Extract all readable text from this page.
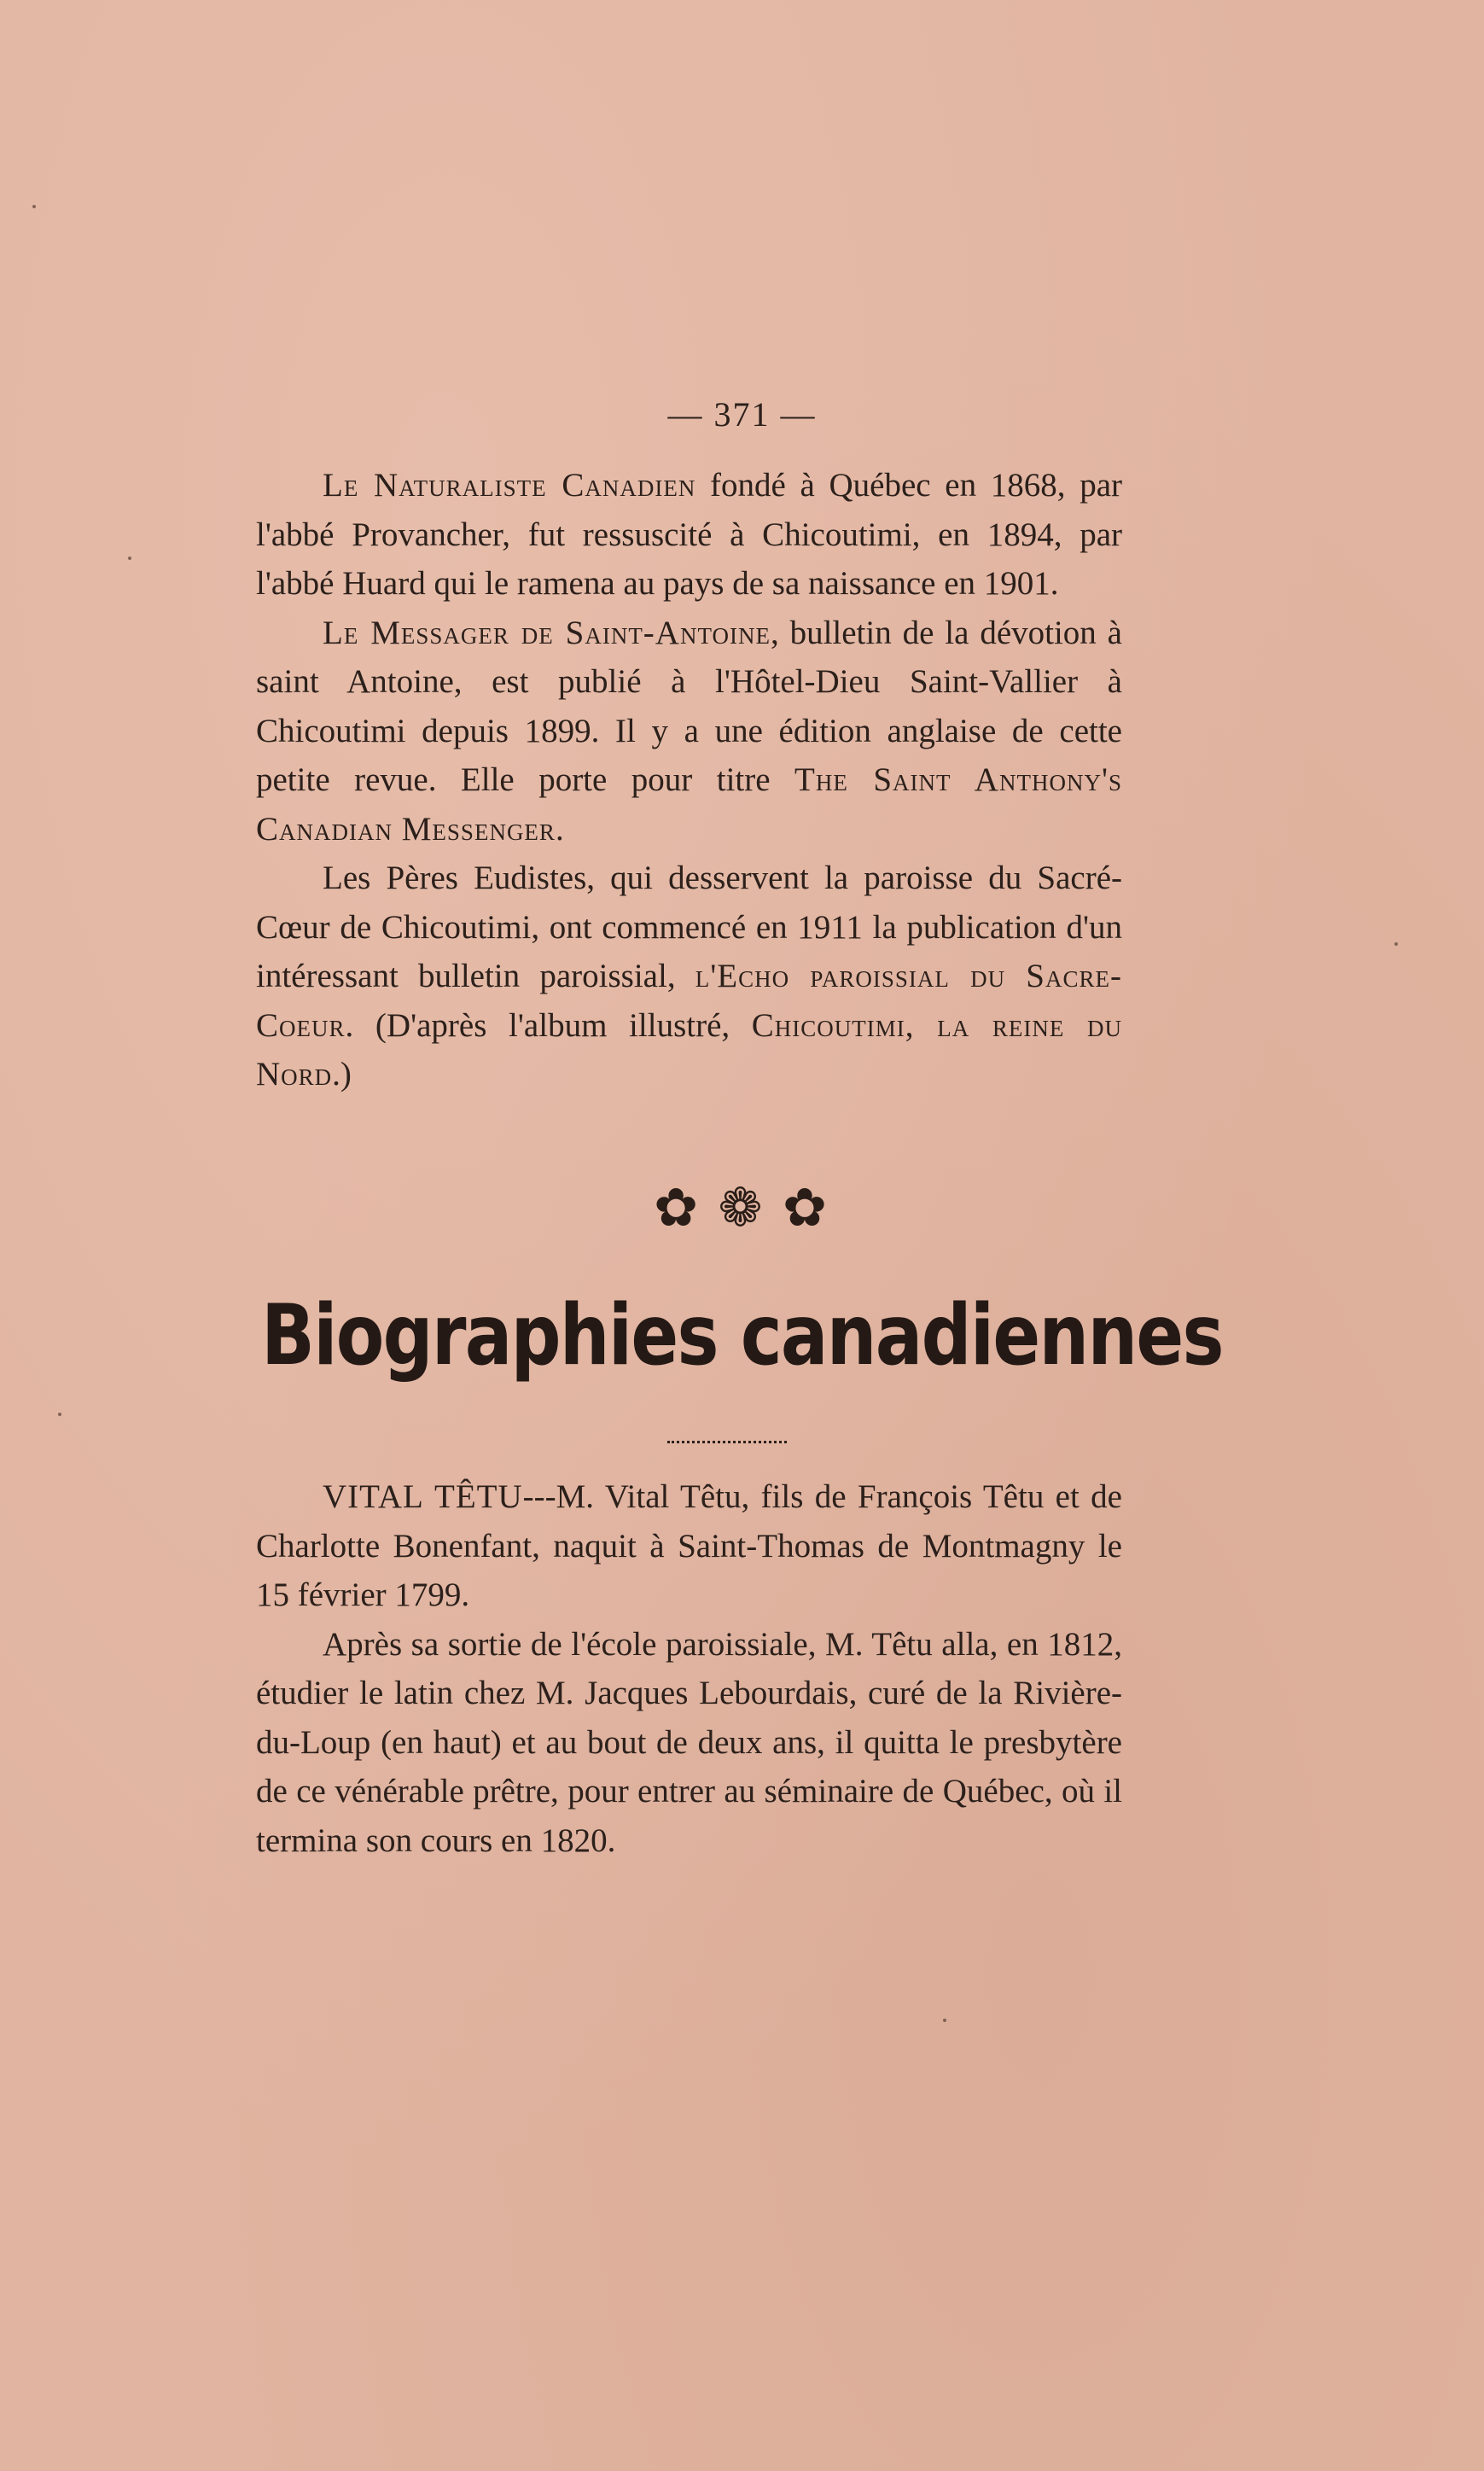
— 371 —

Le Naturaliste Canadien fondé à Québec en 1868, par l'abbé Provancher, fut ressuscité à Chicoutimi, en 1894, par l'abbé Huard qui le ramena au pays de sa naissance en 1901.

Le Messager de Saint-Antoine, bulletin de la dévotion à saint Antoine, est publié à l'Hôtel-Dieu Saint-Vallier à Chicoutimi depuis 1899. Il y a une édition anglaise de cette petite revue. Elle porte pour titre The Saint Anthony's Canadian Messenger.

Les Pères Eudistes, qui desservent la paroisse du Sacré-Cœur de Chicoutimi, ont commencé en 1911 la publication d'un intéressant bulletin paroissial, l'Echo paroissial du Sacre-Coeur. (D'après l'album illustré, Chicoutimi, la reine du Nord.)

✿ ❁ ✿
Biographies canadiennes

VITAL TÊTU---M. Vital Têtu, fils de François Têtu et de Charlotte Bonenfant, naquit à Saint-Thomas de Montmagny le 15 février 1799.

Après sa sortie de l'école paroissiale, M. Têtu alla, en 1812, étudier le latin chez M. Jacques Lebourdais, curé de la Rivière-du-Loup (en haut) et au bout de deux ans, il quitta le presbytère de ce vénérable prêtre, pour entrer au séminaire de Québec, où il termina son cours en 1820.
